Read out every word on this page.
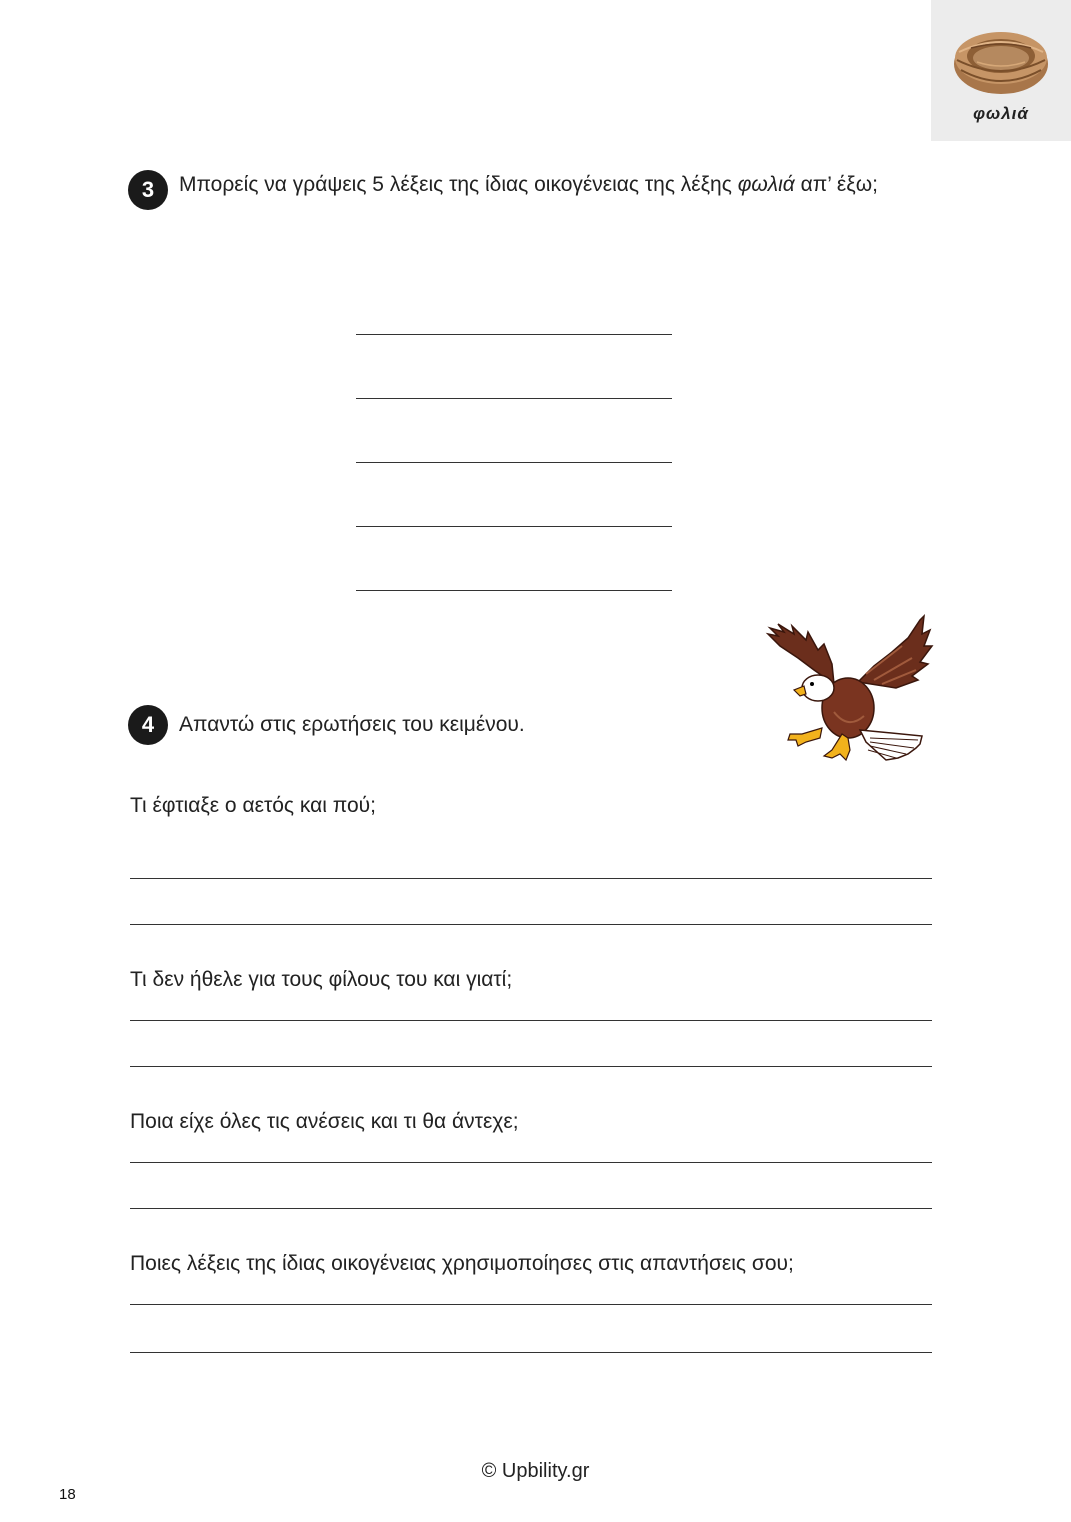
φωλιά
3	Μπορείς να γράψεις 5 λέξεις της ίδιας οικογένειας της λέξης φωλιά απ’ έξω;
4	Απαντώ στις ερωτήσεις του κειμένου.
Τι έφτιαξε ο αετός και πού;
Τι δεν ήθελε για τους φίλους του και γιατί;
Ποια είχε όλες τις ανέσεις και τι θα άντεχε;
Ποιες λέξεις της ίδιας οικογένειας χρησιμοποίησες στις απαντήσεις σου;
© Upbility.gr
18
